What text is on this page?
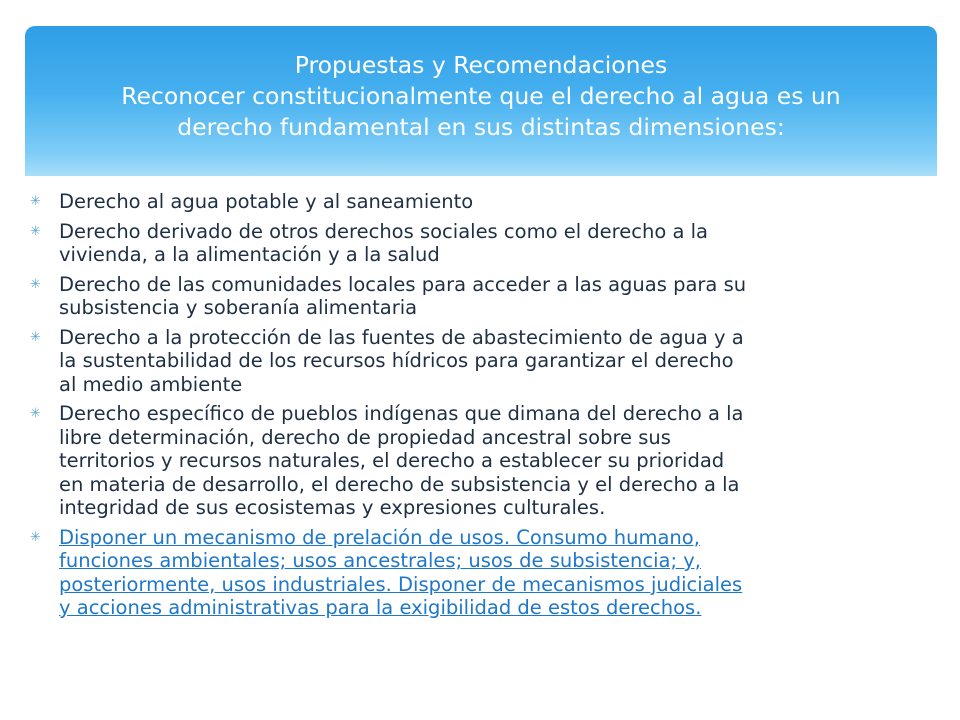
Propuestas y Recomendaciones
Reconocer constitucionalmente que el derecho al agua es un
derecho fundamental en sus distintas dimensiones:
✳ Derecho al agua potable y al saneamiento
✳ Derecho derivado de otros derechos sociales como el derecho a la
vivienda, a la alimentación y a la salud
✳ Derecho de las comunidades locales para acceder a las aguas para su
subsistencia y soberanía alimentaria
✳ Derecho a la protección de las fuentes de abastecimiento de agua y a
la sustentabilidad de los recursos hídricos para garantizar el derecho
al medio ambiente
✳ Derecho específico de pueblos indígenas que dimana del derecho a la
libre determinación, derecho de propiedad ancestral sobre sus
territorios y recursos naturales, el derecho a establecer su prioridad
en materia de desarrollo, el derecho de subsistencia y el derecho a la
integridad de sus ecosistemas y expresiones culturales.
✳ Disponer un mecanismo de prelación de usos. Consumo humano,
funciones ambientales; usos ancestrales; usos de subsistencia; y,
posteriormente, usos industriales. Disponer de mecanismos judiciales
y acciones administrativas para la exigibilidad de estos derechos.
